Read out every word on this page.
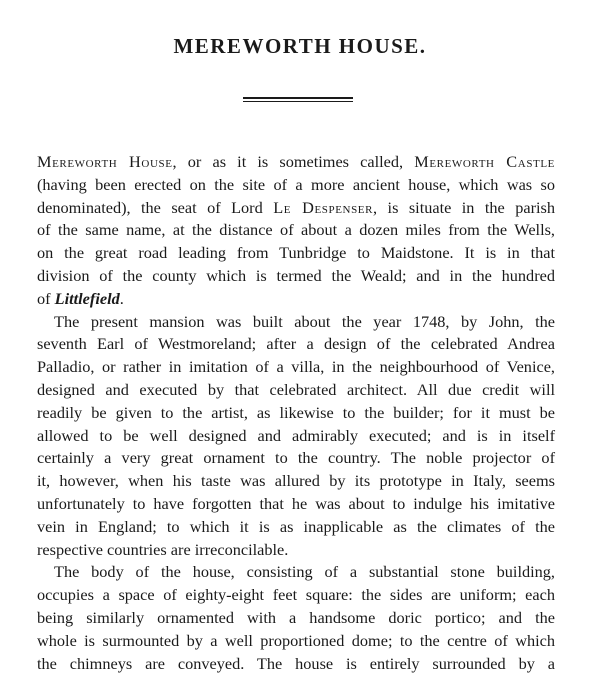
MEREWORTH HOUSE.
Mereworth House, or as it is sometimes called, Mereworth Castle
(having been erected on the site of a more ancient house, which was so
denominated), the seat of Lord Le Despenser, is situate in the parish
of the same name, at the distance of about a dozen miles from the Wells,
on the great road leading from Tunbridge to Maidstone. It is in that
division of the county which is termed the Weald; and in the hundred
of Littlefield.
The present mansion was built about the year 1748, by John, the
seventh Earl of Westmoreland; after a design of the celebrated Andrea
Palladio, or rather in imitation of a villa, in the neighbourhood of Venice,
designed and executed by that celebrated architect. All due credit will
readily be given to the artist, as likewise to the builder; for it must be
allowed to be well designed and admirably executed; and is in itself
certainly a very great ornament to the country. The noble projector of
it, however, when his taste was allured by its prototype in Italy, seems
unfortunately to have forgotten that he was about to indulge his imitative
vein in England; to which it is as inapplicable as the climates of the
respective countries are irreconcilable.
The body of the house, consisting of a substantial stone building,
occupies a space of eighty-eight feet square: the sides are uniform; each
being similarly ornamented with a handsome doric portico; and the
whole is surmounted by a well proportioned dome; to the centre of which
the chimneys are conveyed. The house is entirely surrounded by a
